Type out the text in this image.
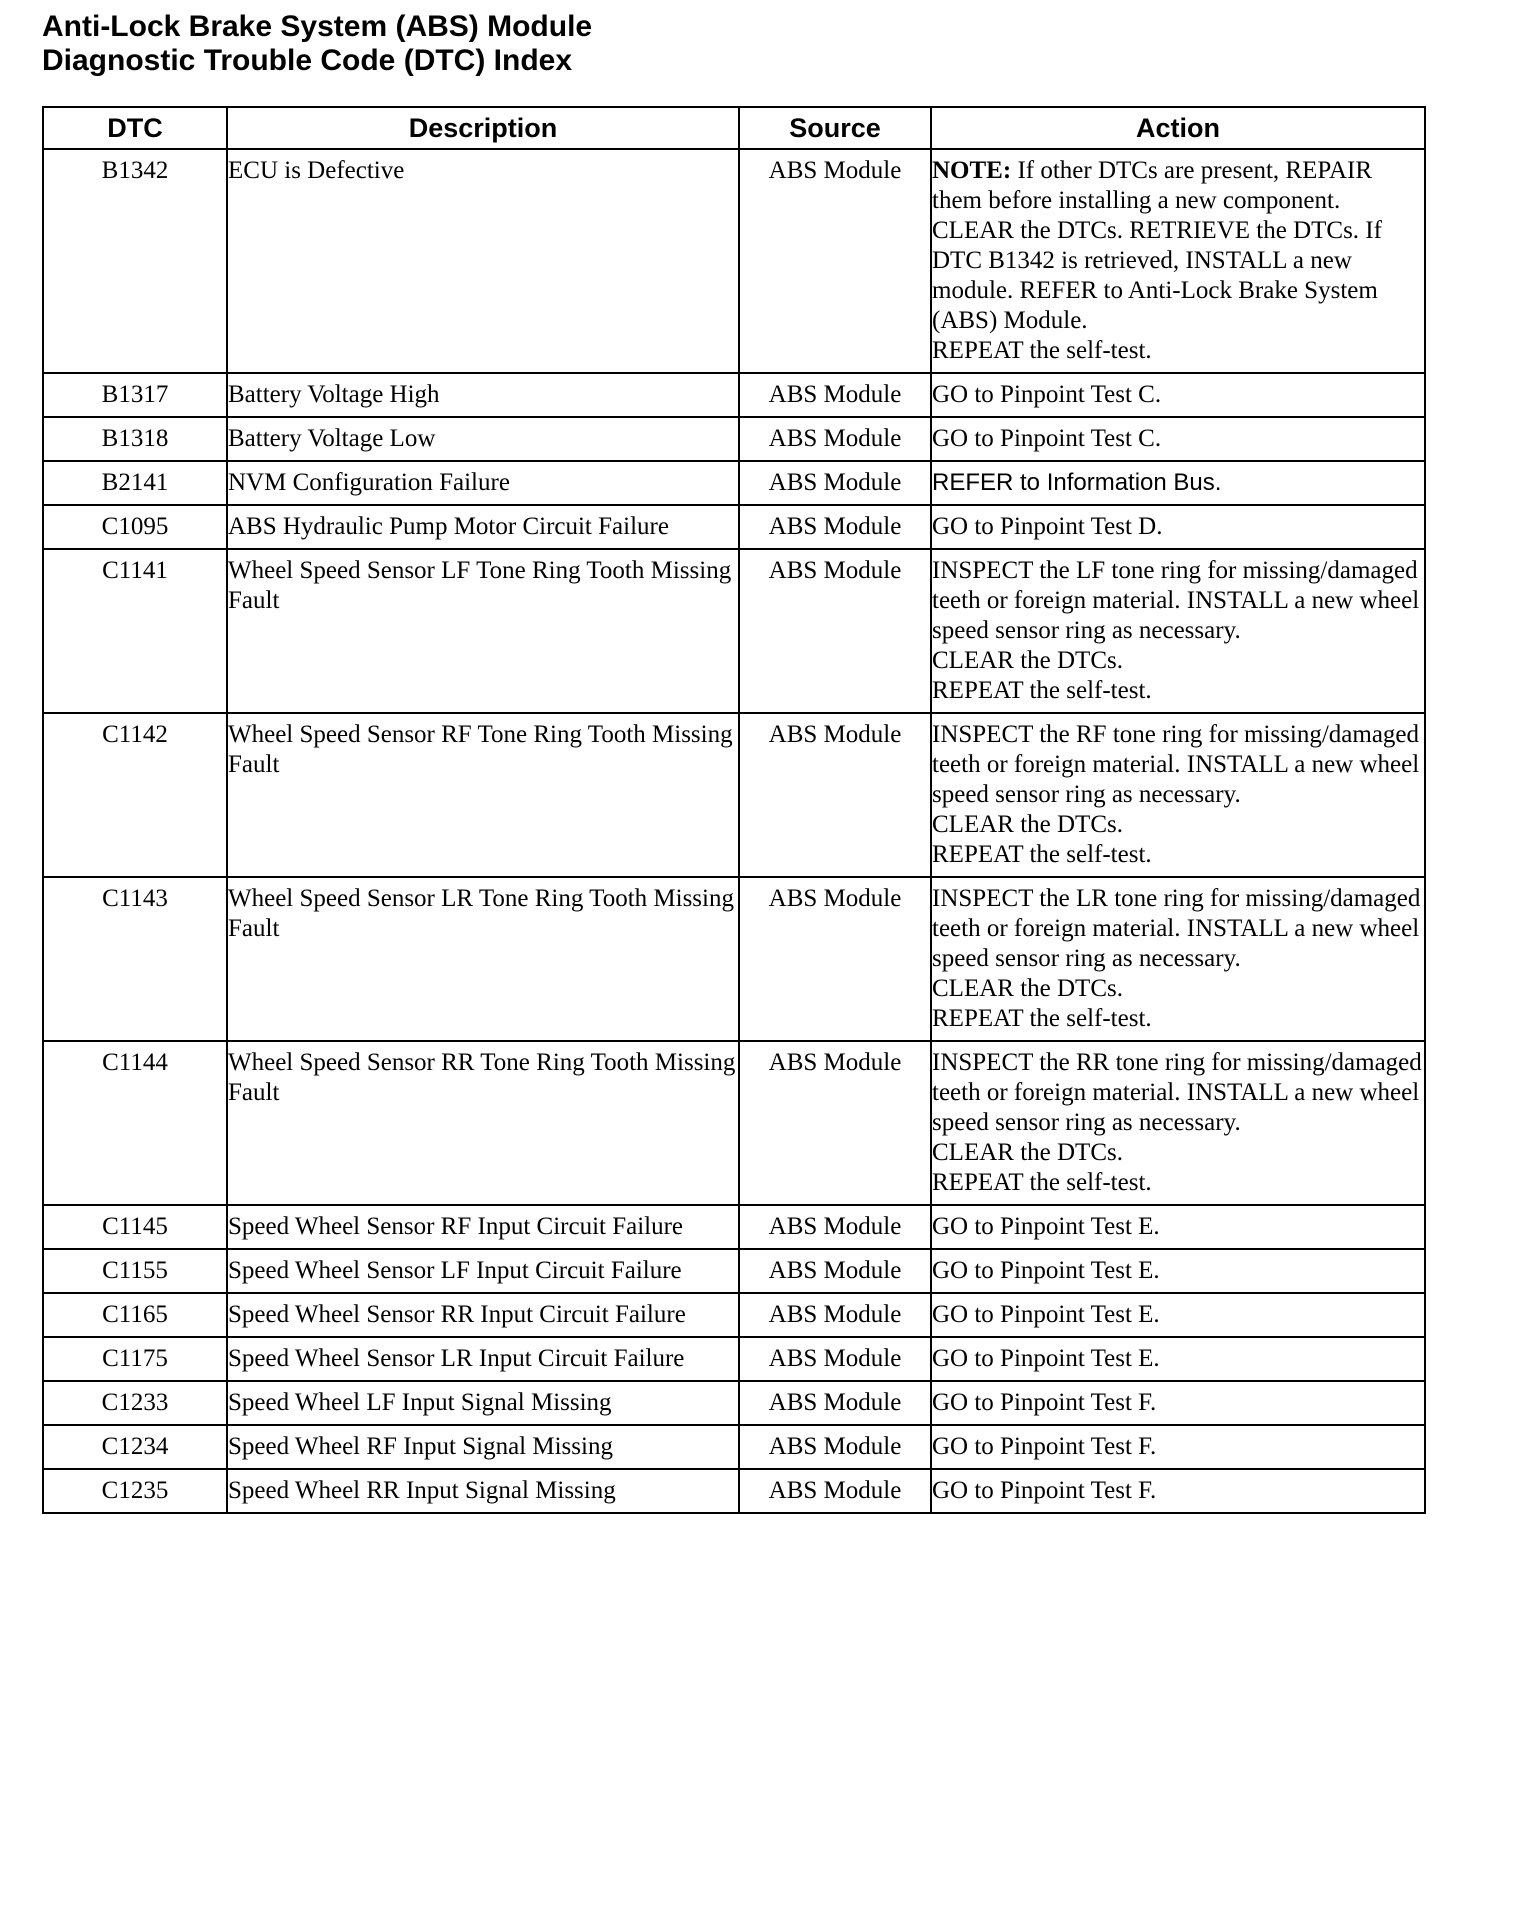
Anti-Lock Brake System (ABS) Module
Diagnostic Trouble Code (DTC) Index
DTC	Description	Source	Action
B1342	ECU is Defective	ABS Module	NOTE: If other DTCs are present, REPAIR them before installing a new component.
CLEAR the DTCs. RETRIEVE the DTCs. If DTC B1342 is retrieved, INSTALL a new module. REFER to Anti-Lock Brake System (ABS) Module.
REPEAT the self-test.

B1317	Battery Voltage High	ABS Module	GO to Pinpoint Test C.

B1318	Battery Voltage Low	ABS Module	GO to Pinpoint Test C.

B2141	NVM Configuration Failure	ABS Module	REFER to Information Bus.

C1095	ABS Hydraulic Pump Motor Circuit Failure	ABS Module	GO to Pinpoint Test D.

C1141	Wheel Speed Sensor LF Tone Ring Tooth Missing Fault	ABS Module	INSPECT the LF tone ring for missing/damaged teeth or foreign material. INSTALL a new wheel speed sensor ring as necessary.
CLEAR the DTCs.
REPEAT the self-test.

C1142	Wheel Speed Sensor RF Tone Ring Tooth Missing Fault	ABS Module	INSPECT the RF tone ring for missing/damaged teeth or foreign material. INSTALL a new wheel speed sensor ring as necessary.
CLEAR the DTCs.
REPEAT the self-test.

C1143	Wheel Speed Sensor LR Tone Ring Tooth Missing Fault	ABS Module	INSPECT the LR tone ring for missing/damaged teeth or foreign material. INSTALL a new wheel speed sensor ring as necessary.
CLEAR the DTCs.
REPEAT the self-test.

C1144	Wheel Speed Sensor RR Tone Ring Tooth Missing Fault	ABS Module	INSPECT the RR tone ring for missing/damaged teeth or foreign material. INSTALL a new wheel speed sensor ring as necessary.
CLEAR the DTCs.
REPEAT the self-test.

C1145	Speed Wheel Sensor RF Input Circuit Failure	ABS Module	GO to Pinpoint Test E.

C1155	Speed Wheel Sensor LF Input Circuit Failure	ABS Module	GO to Pinpoint Test E.

C1165	Speed Wheel Sensor RR Input Circuit Failure	ABS Module	GO to Pinpoint Test E.

C1175	Speed Wheel Sensor LR Input Circuit Failure	ABS Module	GO to Pinpoint Test E.

C1233	Speed Wheel LF Input Signal Missing	ABS Module	GO to Pinpoint Test F.

C1234	Speed Wheel RF Input Signal Missing	ABS Module	GO to Pinpoint Test F.

C1235	Speed Wheel RR Input Signal Missing	ABS Module	GO to Pinpoint Test F.
